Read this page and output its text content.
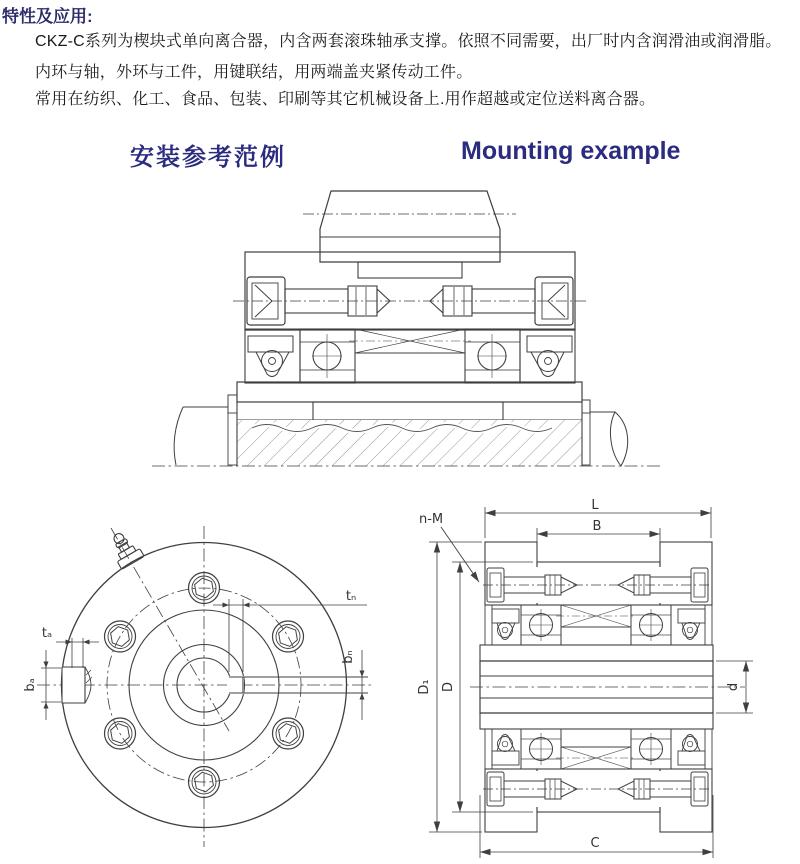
特性及应用:
CKZ-C系列为楔块式单向离合器，内含两套滚珠轴承支撑。依照不同需要，出厂时内含润滑油或润滑脂。
内环与轴，外环与工件，用键联结，用两端盖夹紧传动工件。
常用在纺织、化工、食品、包装、印刷等其它机械设备上.用作超越或定位送料离合器。
安装参考范例	Mounting example
tₐ
bₐ
tₙ
bₙ
L
B
n-M
D₁ D	d
C
